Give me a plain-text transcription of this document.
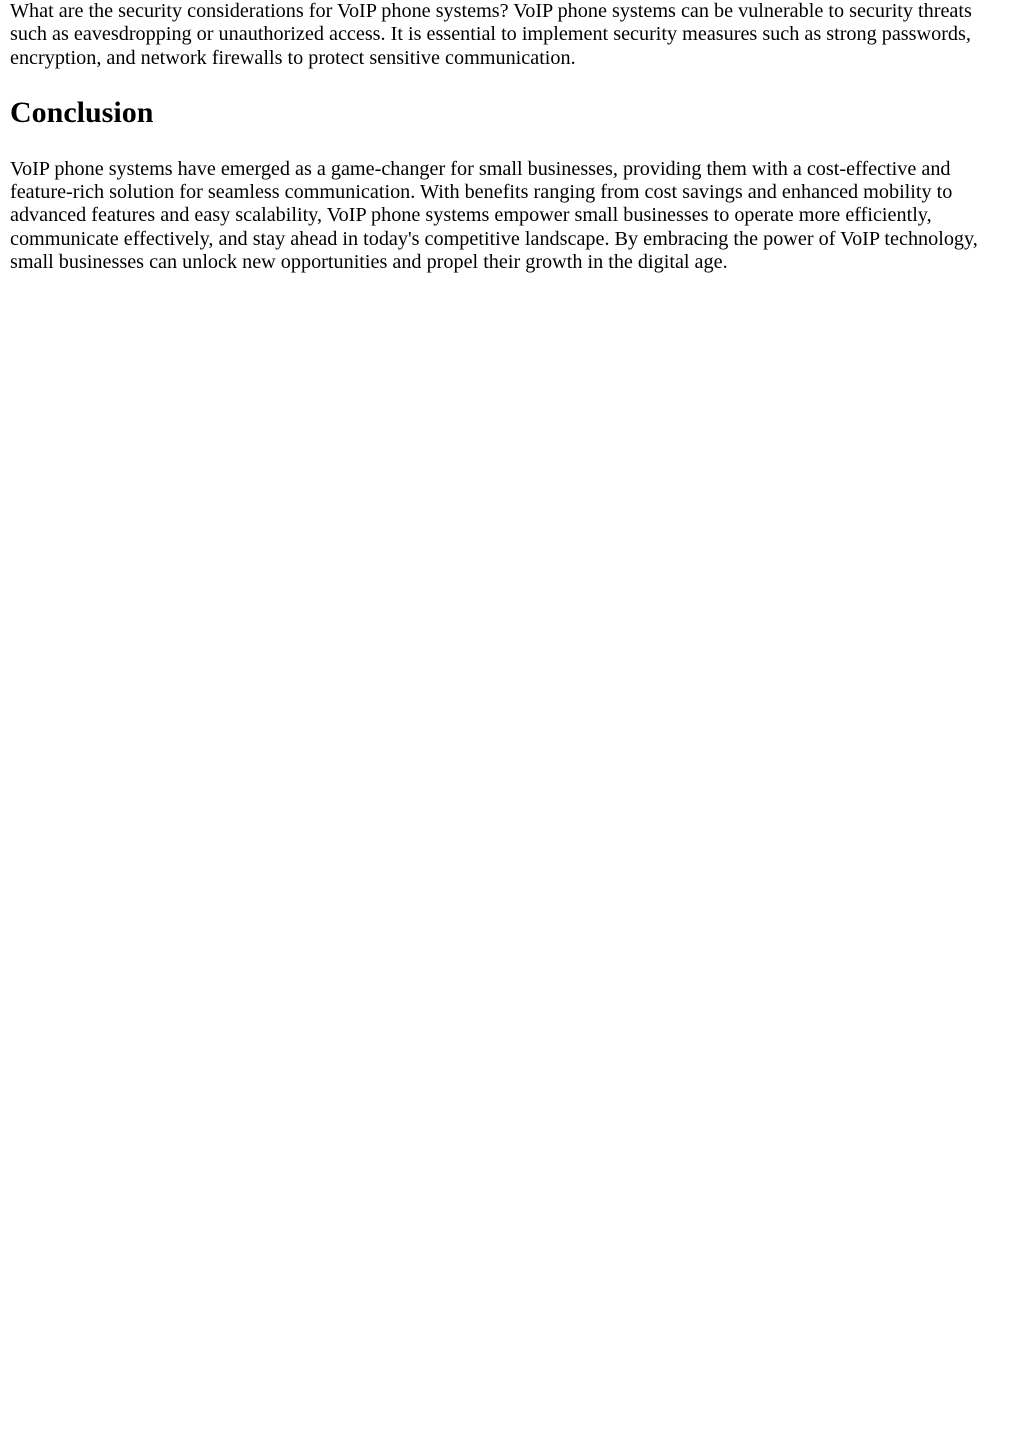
What are the security considerations for VoIP phone systems? VoIP phone systems can be vulnerable to security threats
such as eavesdropping or unauthorized access. It is essential to implement security measures such as strong passwords,
encryption, and network firewalls to protect sensitive communication.

Conclusion

VoIP phone systems have emerged as a game-changer for small businesses, providing them with a cost-effective and
feature-rich solution for seamless communication. With benefits ranging from cost savings and enhanced mobility to
advanced features and easy scalability, VoIP phone systems empower small businesses to operate more efficiently,
communicate effectively, and stay ahead in today's competitive landscape. By embracing the power of VoIP technology,
small businesses can unlock new opportunities and propel their growth in the digital age.
